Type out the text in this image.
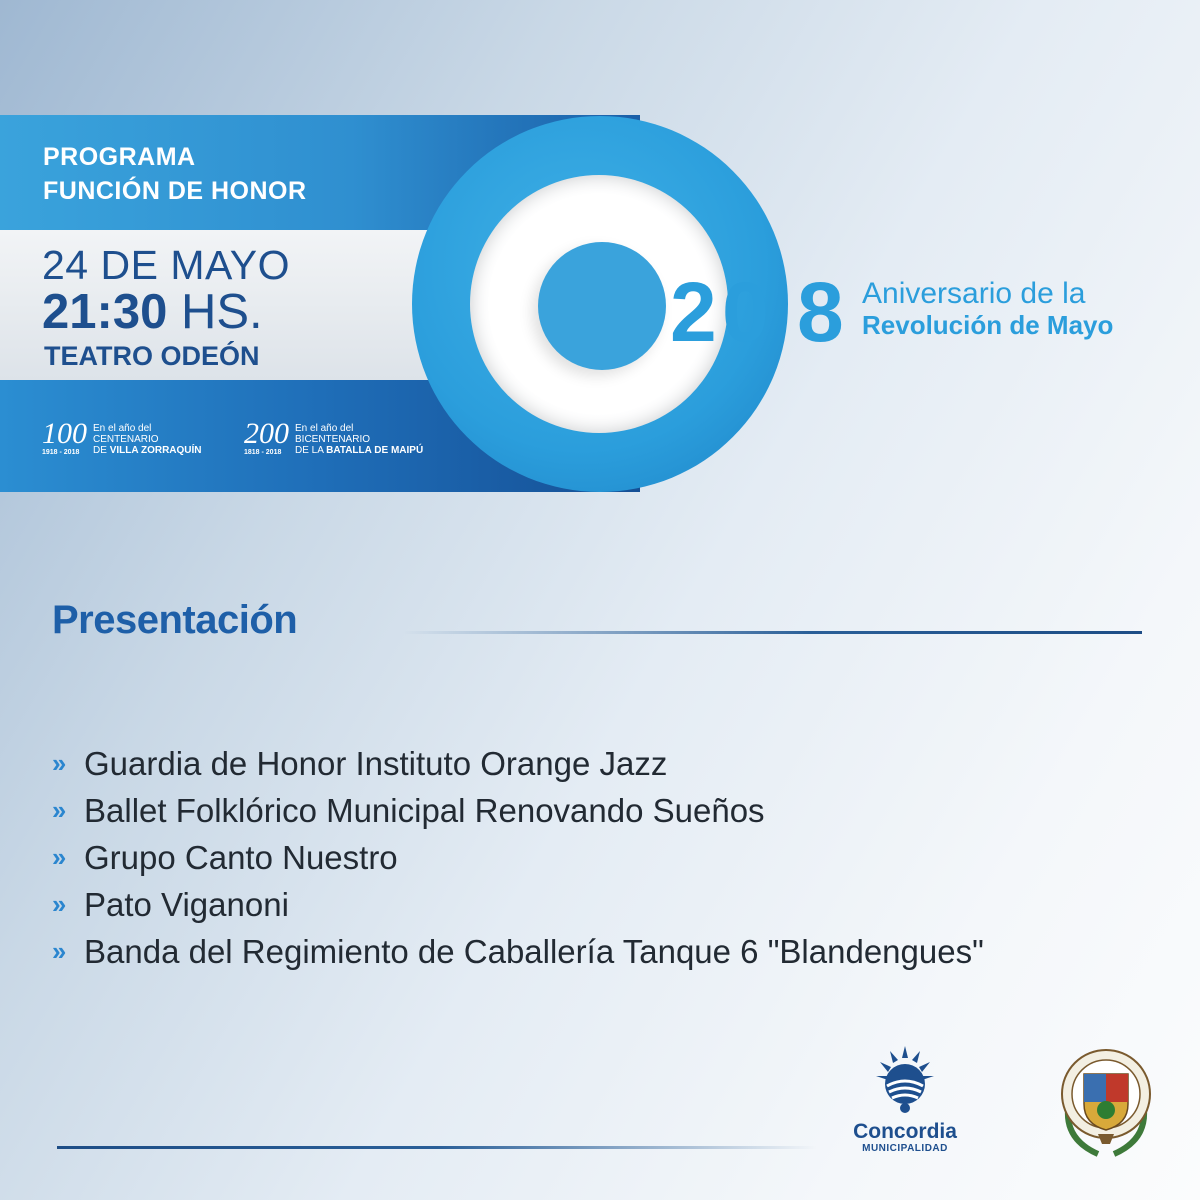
PROGRAMA
FUNCIÓN DE HONOR
24 DE MAYO
21:30 HS.
TEATRO ODEÓN
100
1918 - 2018
En el año del
CENTENARIO
DE VILLA ZORRAQUÍN
200
1818 - 2018
En el año del
BICENTENARIO
DE LA BATALLA DE MAIPÚ
2 0 8 Aniversario de la
Revolución de Mayo
Presentación
›› Guardia de Honor Instituto Orange Jazz
›› Ballet Folklórico Municipal Renovando Sueños
›› Grupo Canto Nuestro
›› Pato Viganoni
›› Banda del Regimiento de Caballería Tanque 6 "Blandengues"
Concordia
MUNICIPALIDAD
